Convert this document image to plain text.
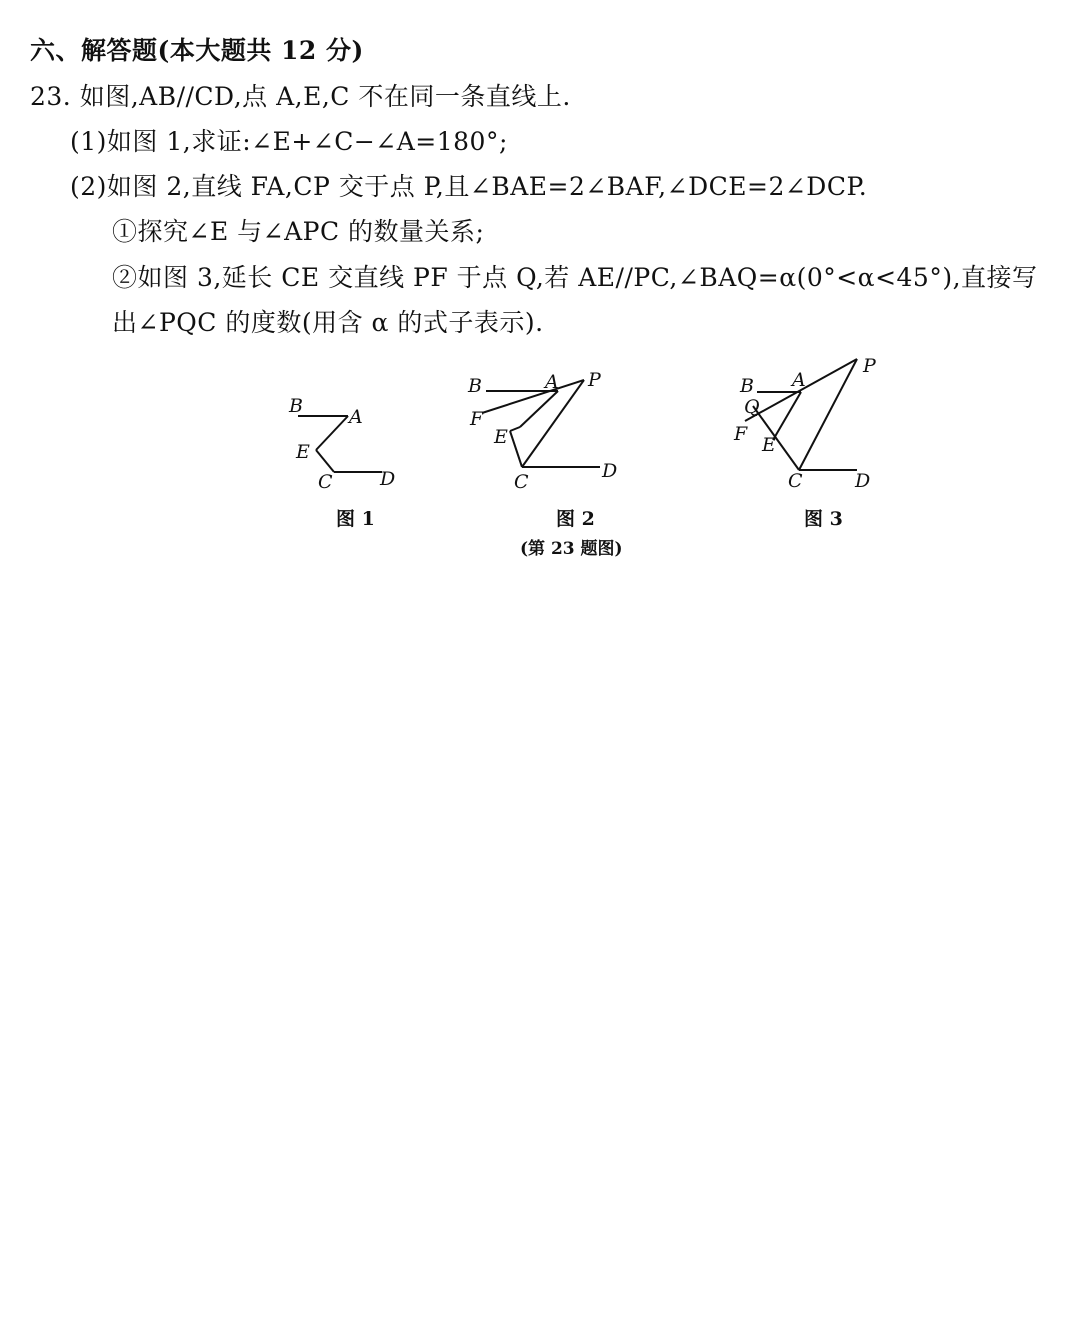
六、解答题(本大题共 12 分)
23. 如图,AB//CD,点 A,E,C 不在同一条直线上.
(1)如图 1,求证:∠E+∠C−∠A=180°;
(2)如图 2,直线 FA,CP 交于点 P,且∠BAE=2∠BAF,∠DCE=2∠DCP.
①探究∠E 与∠APC 的数量关系;
②如图 3,延长 CE 交直线 PF 于点 Q,若 AE//PC,∠BAQ=α(0°<α<45°),直接写
出∠PQC 的度数(用含 α 的式子表示).
B A
E
C D
图 1
B	A P
F
E
C	D
图 2
B A
P
Q
F E
C	D
图 3
(第 23 题图)
